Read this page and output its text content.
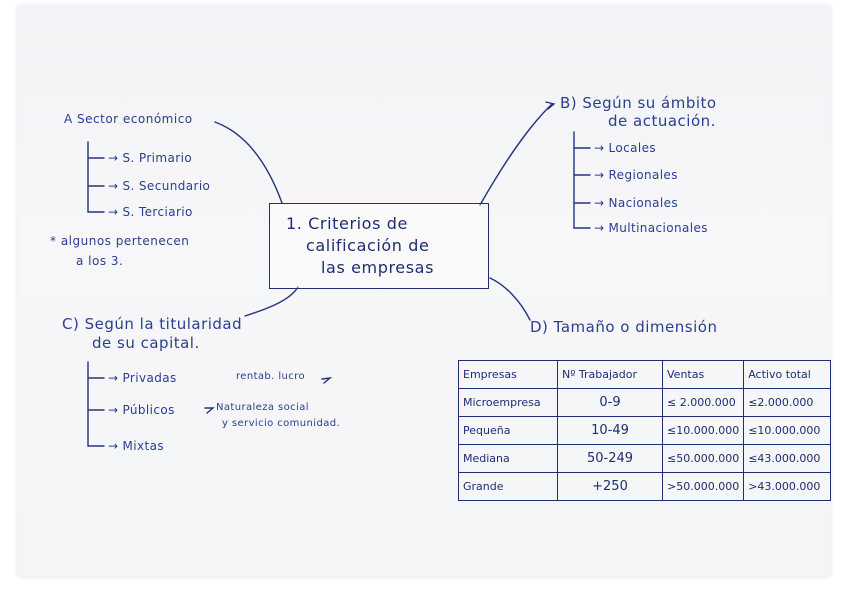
1. Criterios de
calificación de
las empresas
A Sector económico
→ S. Primario
→ S. Secundario
→ S. Terciario
* algunos pertenecen
a los 3.
B) Según su ámbito
de actuación.
→ Locales
→ Regionales
→ Nacionales
→ Multinacionales
C) Según la titularidad
de su capital.
→ Privadas	rentab. lucro
→ Públicos	Naturaleza social
y servicio comunidad.
→ Mixtas
D) Tamaño o dimensión
Empresas	Nº Trabajador	Ventas	Activo total
Microempresa	0-9	≤ 2.000.000	≤2.000.000
Pequeña	10-49	≤10.000.000	≤10.000.000
Mediana	50-249	≤50.000.000	≤43.000.000
Grande	+250	>50.000.000	>43.000.000
